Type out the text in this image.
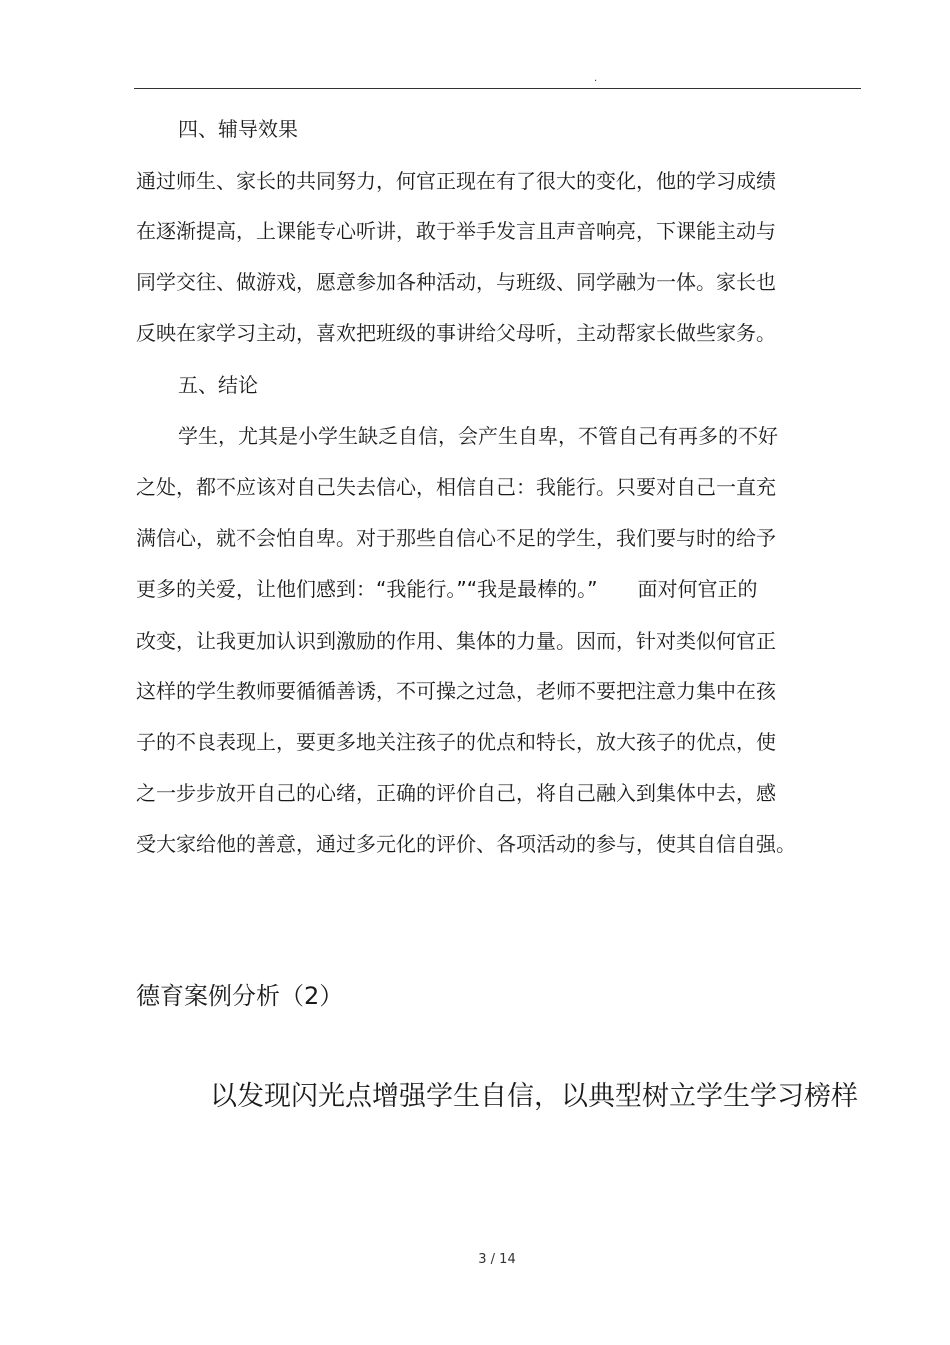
.
四、辅导效果
通过师生、家长的共同努力，何官正现在有了很大的变化，他的学习成绩
在逐渐提高，上课能专心听讲，敢于举手发言且声音响亮，下课能主动与
同学交往、做游戏，愿意参加各种活动，与班级、同学融为一体。家长也
反映在家学习主动，喜欢把班级的事讲给父母听，主动帮家长做些家务。
五、结论
学生，尤其是小学生缺乏自信，会产生自卑，不管自己有再多的不好
之处，都不应该对自己失去信心，相信自己：我能行。只要对自己一直充
满信心，就不会怕自卑。对于那些自信心不足的学生，我们要与时的给予
更多的关爱，让他们感到：“我能行。”“我是最棒的。”　　面对何官正的
改变，让我更加认识到激励的作用、集体的力量。因而，针对类似何官正
这样的学生教师要循循善诱，不可操之过急，老师不要把注意力集中在孩
子的不良表现上，要更多地关注孩子的优点和特长，放大孩子的优点，使
之一步步放开自己的心绪，正确的评价自己，将自己融入到集体中去，感
受大家给他的善意，通过多元化的评价、各项活动的参与，使其自信自强。
德育案例分析（2）
以发现闪光点增强学生自信，以典型树立学生学习榜样
3 / 14
